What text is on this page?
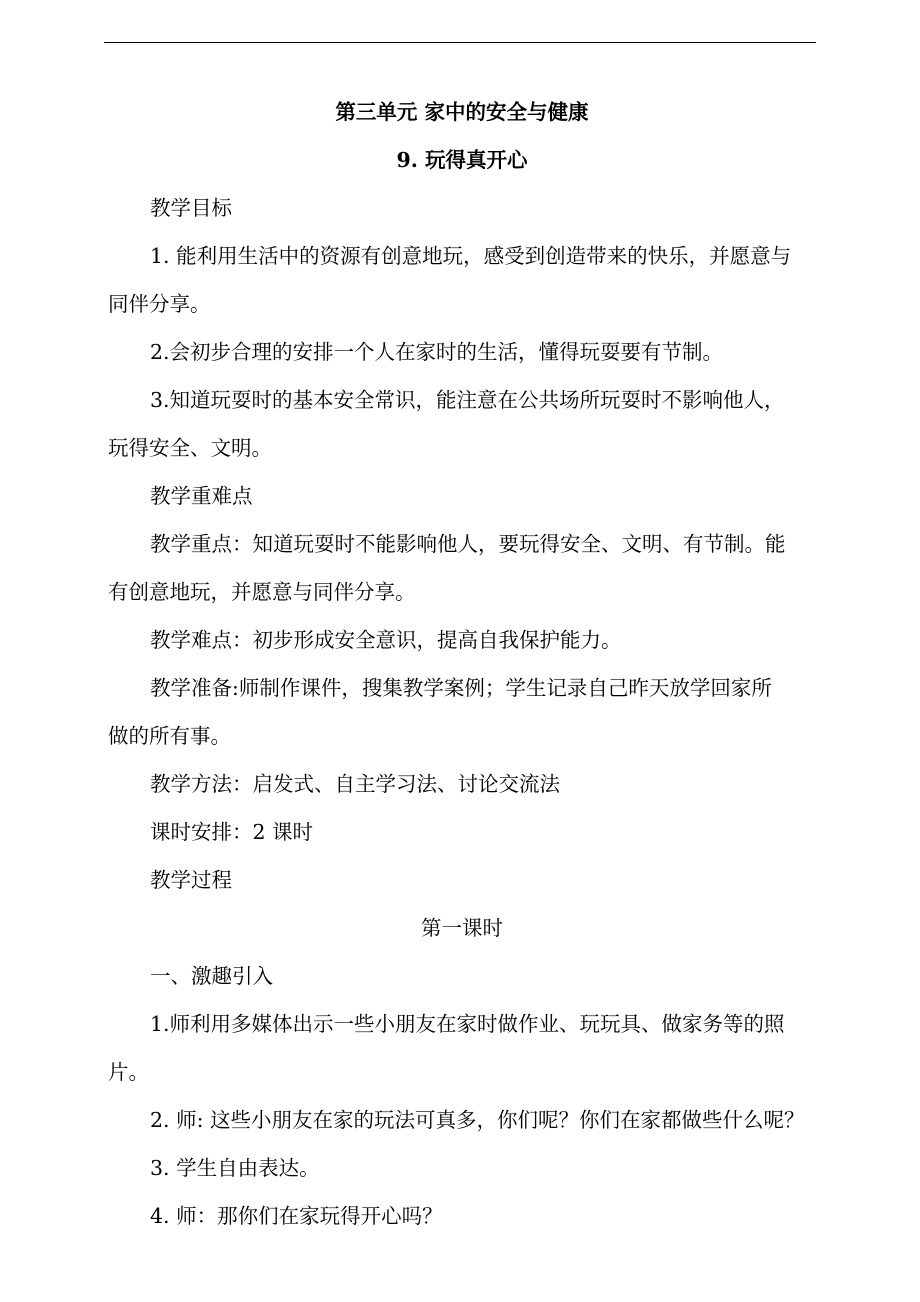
第三单元 家中的安全与健康
9. 玩得真开心
教学目标
1. 能利用生活中的资源有创意地玩，感受到创造带来的快乐，并愿意与
同伴分享。
2.会初步合理的安排一个人在家时的生活，懂得玩耍要有节制。
3.知道玩耍时的基本安全常识，能注意在公共场所玩耍时不影响他人，
玩得安全、文明。
教学重难点
教学重点：知道玩耍时不能影响他人，要玩得安全、文明、有节制。能
有创意地玩，并愿意与同伴分享。
教学难点：初步形成安全意识，提高自我保护能力。
教学准备:师制作课件，搜集教学案例；学生记录自己昨天放学回家所
做的所有事。
教学方法：启发式、自主学习法、讨论交流法
课时安排：2 课时
教学过程
第一课时
一、激趣引入
1.师利用多媒体出示一些小朋友在家时做作业、玩玩具、做家务等的照
片。
2. 师: 这些小朋友在家的玩法可真多，你们呢？你们在家都做些什么呢？
3. 学生自由表达。
4. 师：那你们在家玩得开心吗？
